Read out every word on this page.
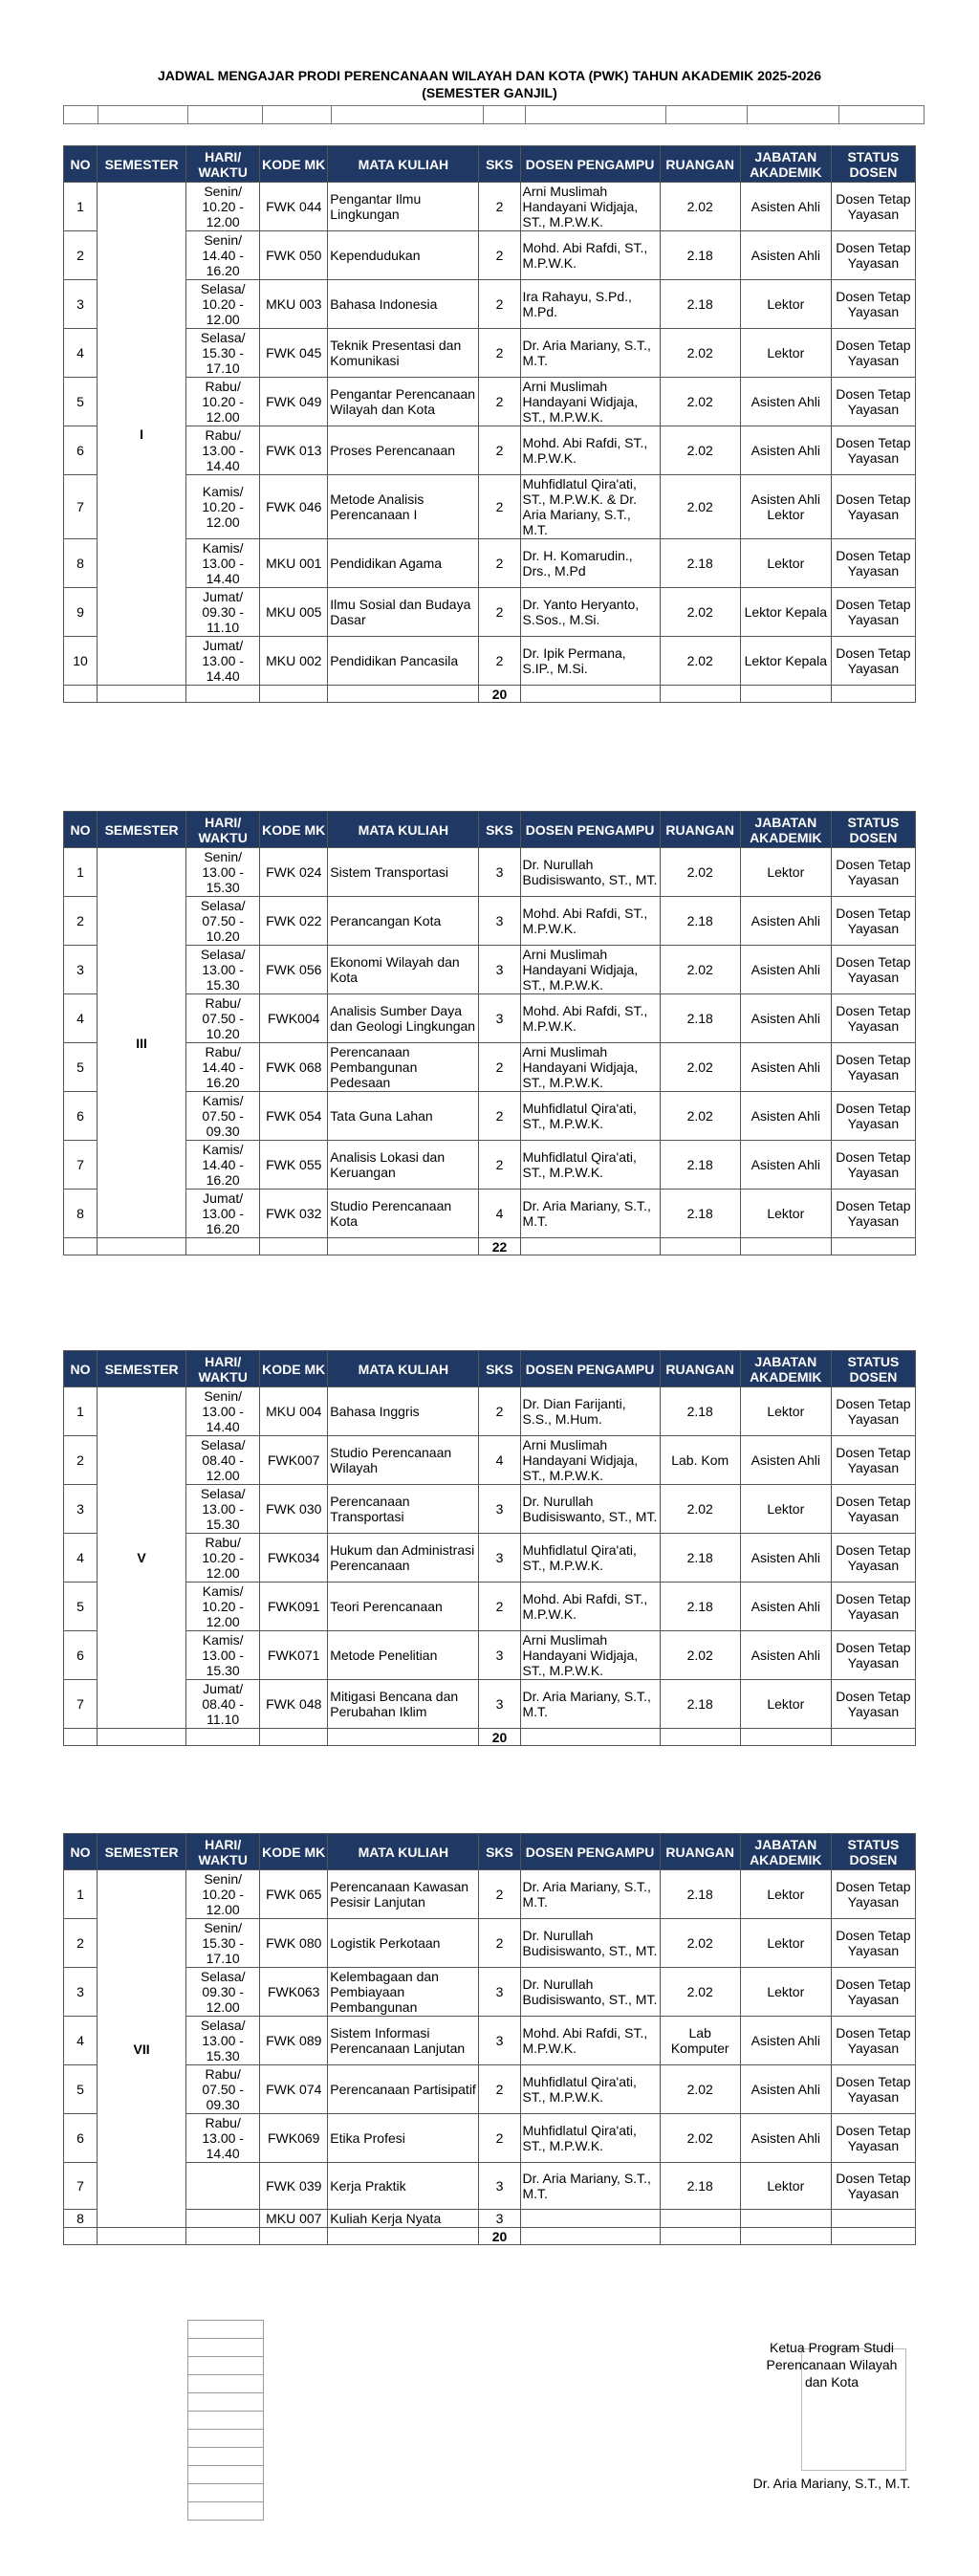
JADWAL MENGAJAR PRODI PERENCANAAN WILAYAH DAN KOTA (PWK) TAHUN AKADEMIK 2025-2026
(SEMESTER GANJIL)

NO	SEMESTER	HARI/ WAKTU	KODE MK	MATA KULIAH	SKS	DOSEN PENGAMPU	RUANGAN	JABATAN AKADEMIK	STATUS DOSEN
1	I	Senin/ 10.20 - 12.00	FWK 044	Pengantar Ilmu Lingkungan	2	Arni Muslimah Handayani Widjaja, ST., M.P.W.K.	2.02	Asisten Ahli	Dosen Tetap Yayasan
2		Senin/ 14.40 - 16.20	FWK 050	Kependudukan	2	Mohd. Abi Rafdi, ST., M.P.W.K.	2.18	Asisten Ahli	Dosen Tetap Yayasan
3		Selasa/ 10.20 - 12.00	MKU 003	Bahasa Indonesia	2	Ira Rahayu, S.Pd., M.Pd.	2.18	Lektor	Dosen Tetap Yayasan
4		Selasa/ 15.30 - 17.10	FWK 045	Teknik Presentasi dan Komunikasi	2	Dr. Aria Mariany, S.T., M.T.	2.02	Lektor	Dosen Tetap Yayasan
5		Rabu/ 10.20 - 12.00	FWK 049	Pengantar Perencanaan Wilayah dan Kota	2	Arni Muslimah Handayani Widjaja, ST., M.P.W.K.	2.02	Asisten Ahli	Dosen Tetap Yayasan
6		Rabu/ 13.00 - 14.40	FWK 013	Proses Perencanaan	2	Mohd. Abi Rafdi, ST., M.P.W.K.	2.02	Asisten Ahli	Dosen Tetap Yayasan
7		Kamis/ 10.20 - 12.00	FWK 046	Metode Analisis Perencanaan I	2	Muhfidlatul Qira'ati, ST., M.P.W.K. & Dr. Aria Mariany, S.T., M.T.	2.02	Asisten Ahli Lektor	Dosen Tetap Yayasan
8		Kamis/ 13.00 - 14.40	MKU 001	Pendidikan Agama	2	Dr. H. Komarudin., Drs., M.Pd	2.18	Lektor	Dosen Tetap Yayasan
9		Jumat/ 09.30 - 11.10	MKU 005	Ilmu Sosial dan Budaya Dasar	2	Dr. Yanto Heryanto, S.Sos., M.Si.	2.02	Lektor Kepala	Dosen Tetap Yayasan
10		Jumat/ 13.00 - 14.40	MKU 002	Pendidikan Pancasila	2	Dr. Ipik Permana, S.IP., M.Si.	2.02	Lektor Kepala	Dosen Tetap Yayasan
					20				
NO	SEMESTER	HARI/ WAKTU	KODE MK	MATA KULIAH	SKS	DOSEN PENGAMPU	RUANGAN	JABATAN AKADEMIK	STATUS DOSEN
1	III	Senin/ 13.00 - 15.30	FWK 024	Sistem Transportasi	3	Dr. Nurullah Budisiswanto, ST., MT.	2.02	Lektor	Dosen Tetap Yayasan
2		Selasa/ 07.50 - 10.20	FWK 022	Perancangan Kota	3	Mohd. Abi Rafdi, ST., M.P.W.K.	2.18	Asisten Ahli	Dosen Tetap Yayasan
3		Selasa/ 13.00 - 15.30	FWK 056	Ekonomi Wilayah dan Kota	3	Arni Muslimah Handayani Widjaja, ST., M.P.W.K.	2.02	Asisten Ahli	Dosen Tetap Yayasan
4		Rabu/ 07.50 - 10.20	FWK004	Analisis Sumber Daya dan Geologi Lingkungan	3	Mohd. Abi Rafdi, ST., M.P.W.K.	2.18	Asisten Ahli	Dosen Tetap Yayasan
5		Rabu/ 14.40 - 16.20	FWK 068	Perencanaan Pembangunan Pedesaan	2	Arni Muslimah Handayani Widjaja, ST., M.P.W.K.	2.02	Asisten Ahli	Dosen Tetap Yayasan
6		Kamis/ 07.50 - 09.30	FWK 054	Tata Guna Lahan	2	Muhfidlatul Qira'ati, ST., M.P.W.K.	2.02	Asisten Ahli	Dosen Tetap Yayasan
7		Kamis/ 14.40 - 16.20	FWK 055	Analisis Lokasi dan Keruangan	2	Muhfidlatul Qira'ati, ST., M.P.W.K.	2.18	Asisten Ahli	Dosen Tetap Yayasan
8		Jumat/ 13.00 - 16.20	FWK 032	Studio Perencanaan Kota	4	Dr. Aria Mariany, S.T., M.T.	2.18	Lektor	Dosen Tetap Yayasan
					22				
NO	SEMESTER	HARI/ WAKTU	KODE MK	MATA KULIAH	SKS	DOSEN PENGAMPU	RUANGAN	JABATAN AKADEMIK	STATUS DOSEN
1	V	Senin/ 13.00 - 14.40	MKU 004	Bahasa Inggris	2	Dr. Dian Farijanti, S.S., M.Hum.	2.18	Lektor	Dosen Tetap Yayasan
2		Selasa/ 08.40 - 12.00	FWK007	Studio Perencanaan Wilayah	4	Arni Muslimah Handayani Widjaja, ST., M.P.W.K.	Lab. Kom	Asisten Ahli	Dosen Tetap Yayasan
3		Selasa/ 13.00 - 15.30	FWK 030	Perencanaan Transportasi	3	Dr. Nurullah Budisiswanto, ST., MT.	2.02	Lektor	Dosen Tetap Yayasan
4		Rabu/ 10.20 - 12.00	FWK034	Hukum dan Administrasi Perencanaan	3	Muhfidlatul Qira'ati, ST., M.P.W.K.	2.18	Asisten Ahli	Dosen Tetap Yayasan
5		Kamis/ 10.20 - 12.00	FWK091	Teori Perencanaan	2	Mohd. Abi Rafdi, ST., M.P.W.K.	2.18	Asisten Ahli	Dosen Tetap Yayasan
6		Kamis/ 13.00 - 15.30	FWK071	Metode Penelitian	3	Arni Muslimah Handayani Widjaja, ST., M.P.W.K.	2.02	Asisten Ahli	Dosen Tetap Yayasan
7		Jumat/ 08.40 - 11.10	FWK 048	Mitigasi Bencana dan Perubahan Iklim	3	Dr. Aria Mariany, S.T., M.T.	2.18	Lektor	Dosen Tetap Yayasan
					20				
NO	SEMESTER	HARI/ WAKTU	KODE MK	MATA KULIAH	SKS	DOSEN PENGAMPU	RUANGAN	JABATAN AKADEMIK	STATUS DOSEN
1	VII	Senin/ 10.20 - 12.00	FWK 065	Perencanaan Kawasan Pesisir Lanjutan	2	Dr. Aria Mariany, S.T., M.T.	2.18	Lektor	Dosen Tetap Yayasan
2		Senin/ 15.30 - 17.10	FWK 080	Logistik Perkotaan	2	Dr. Nurullah Budisiswanto, ST., MT.	2.02	Lektor	Dosen Tetap Yayasan
3		Selasa/ 09.30 - 12.00	FWK063	Kelembagaan dan Pembiayaan Pembangunan	3	Dr. Nurullah Budisiswanto, ST., MT.	2.02	Lektor	Dosen Tetap Yayasan
4		Selasa/ 13.00 - 15.30	FWK 089	Sistem Informasi Perencanaan Lanjutan	3	Mohd. Abi Rafdi, ST., M.P.W.K.	Lab Komputer	Asisten Ahli	Dosen Tetap Yayasan
5		Rabu/ 07.50 - 09.30	FWK 074	Perencanaan Partisipatif	2	Muhfidlatul Qira'ati, ST., M.P.W.K.	2.02	Asisten Ahli	Dosen Tetap Yayasan
6		Rabu/ 13.00 - 14.40	FWK069	Etika Profesi	2	Muhfidlatul Qira'ati, ST., M.P.W.K.	2.02	Asisten Ahli	Dosen Tetap Yayasan
7			FWK 039	Kerja Praktik	3	Dr. Aria Mariany, S.T., M.T.	2.18	Lektor	Dosen Tetap Yayasan
8			MKU 007	Kuliah Kerja Nyata	3				
					20				

Ketua Program Studi
Perencanaan Wilayah
dan Kota
Dr. Aria Mariany, S.T., M.T.
